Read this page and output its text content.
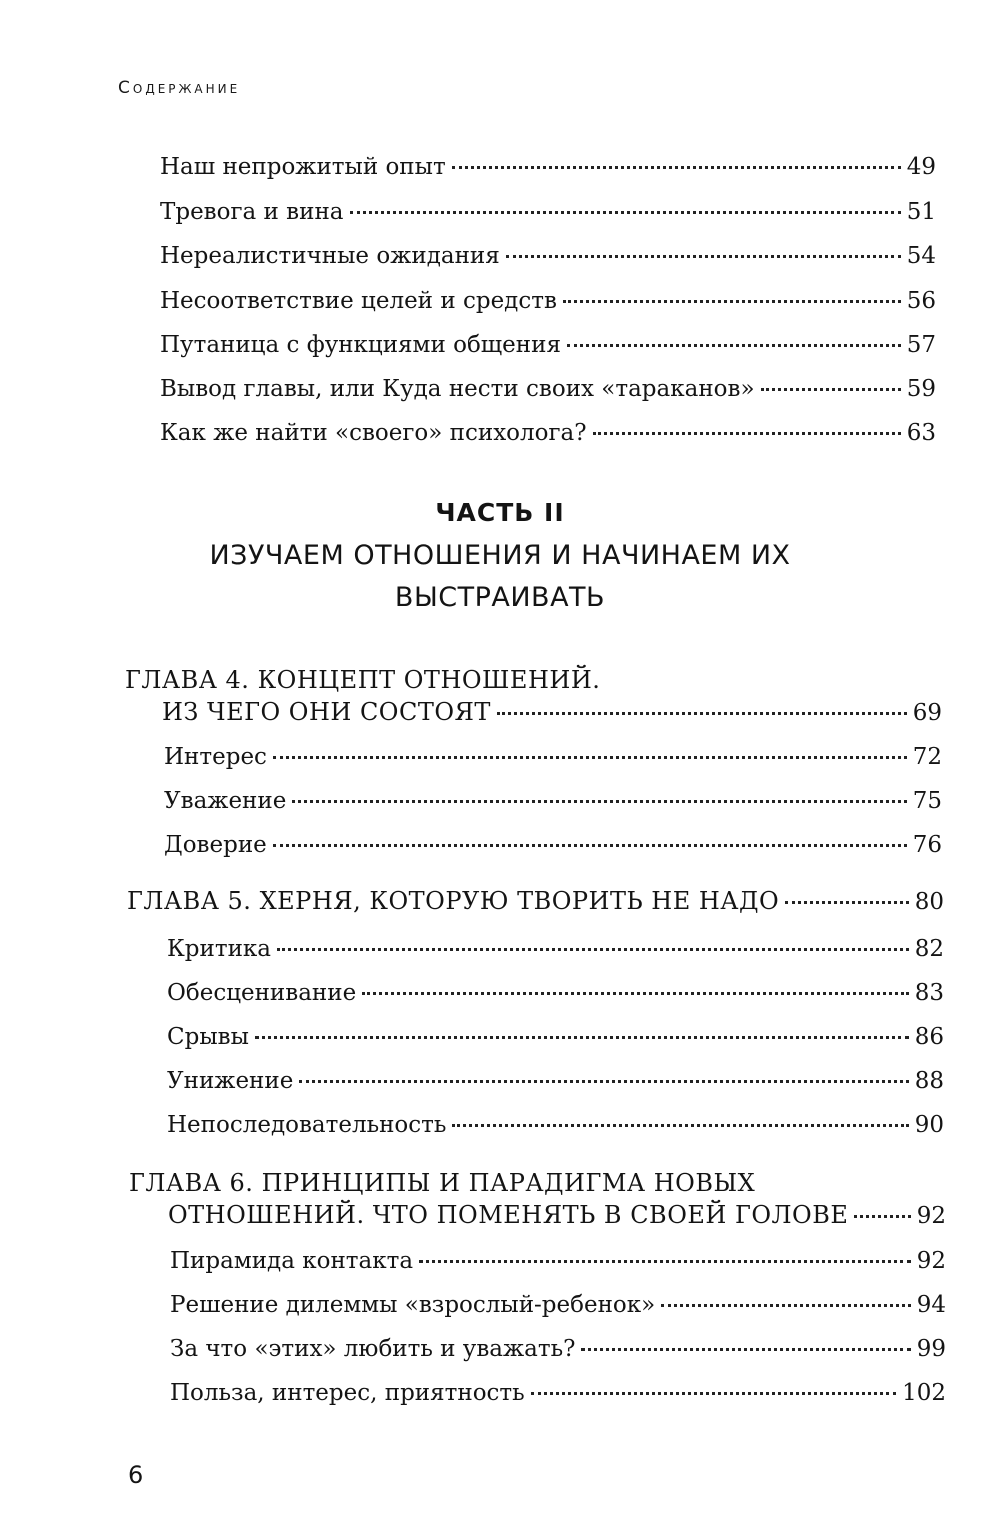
Содержание
Наш непрожитый опыт	49
Тревога и вина	51
Нереалистичные ожидания	54
Несоответствие целей и средств	56
Путаница с функциями общения	57
Вывод главы, или Куда нести своих «тараканов»	59
Как же найти «своего» психолога?	63
ЧАСТЬ II
ИЗУЧАЕМ ОТНОШЕНИЯ И НАЧИНАЕМ ИХ
ВЫСТРАИВАТЬ
ГЛАВА 4. КОНЦЕПТ ОТНОШЕНИЙ.
ИЗ ЧЕГО ОНИ СОСТОЯТ	69
Интерес	72
Уважение	75
Доверие	76
ГЛАВА 5. ХЕРНЯ, КОТОРУЮ ТВОРИТЬ НЕ НАДО	80
Критика	82
Обесценивание	83
Срывы	86
Унижение	88
Непоследовательность	90
ГЛАВА 6. ПРИНЦИПЫ И ПАРАДИГМА НОВЫХ
ОТНОШЕНИЙ. ЧТО ПОМЕНЯТЬ В СВОЕЙ ГОЛОВЕ	92
Пирамида контакта	92
Решение дилеммы «взрослый-ребенок»	94
За что «этих» любить и уважать?	99
Польза, интерес, приятность	102
6
